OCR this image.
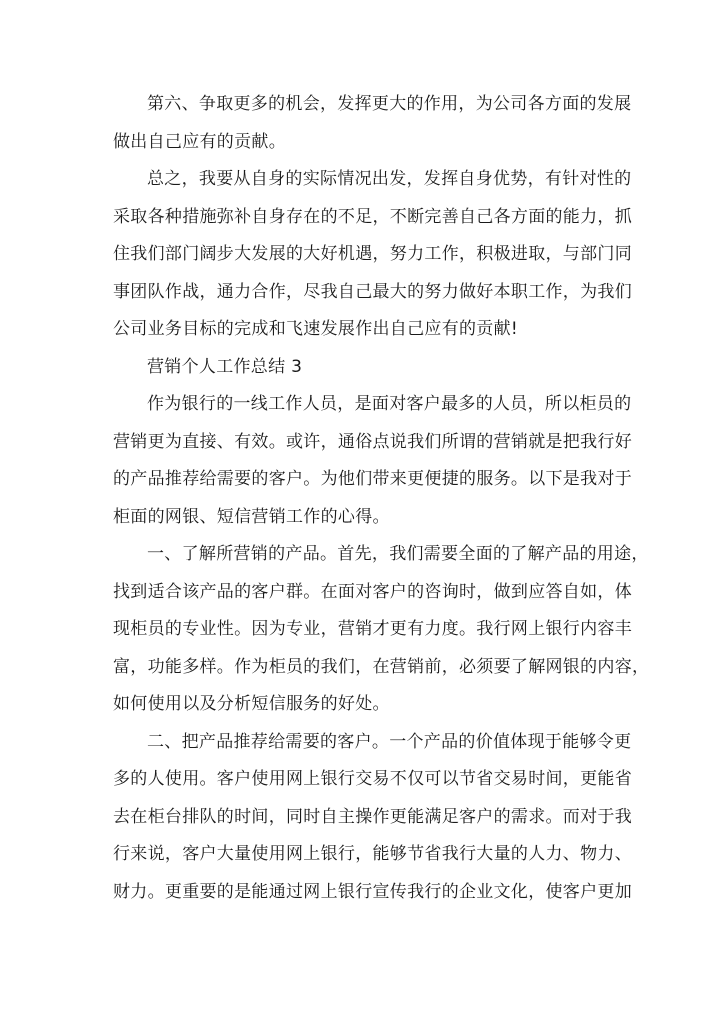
第六、争取更多的机会，发挥更大的作用，为公司各方面的发展
做出自己应有的贡献。

总之，我要从自身的实际情况出发，发挥自身优势，有针对性的
采取各种措施弥补自身存在的不足，不断完善自己各方面的能力，抓
住我们部门阔步大发展的大好机遇，努力工作，积极进取，与部门同
事团队作战，通力合作，尽我自己最大的努力做好本职工作，为我们
公司业务目标的完成和飞速发展作出自己应有的贡献!

营销个人工作总结 3

作为银行的一线工作人员，是面对客户最多的人员，所以柜员的
营销更为直接、有效。或许，通俗点说我们所谓的营销就是把我行好
的产品推荐给需要的客户。为他们带来更便捷的服务。以下是我对于
柜面的网银、短信营销工作的心得。

一、了解所营销的产品。首先，我们需要全面的了解产品的用途，
找到适合该产品的客户群。在面对客户的咨询时，做到应答自如，体
现柜员的专业性。因为专业，营销才更有力度。我行网上银行内容丰
富，功能多样。作为柜员的我们，在营销前，必须要了解网银的内容，
如何使用以及分析短信服务的好处。

二、把产品推荐给需要的客户。一个产品的价值体现于能够令更
多的人使用。客户使用网上银行交易不仅可以节省交易时间，更能省
去在柜台排队的时间，同时自主操作更能满足客户的需求。而对于我
行来说，客户大量使用网上银行，能够节省我行大量的人力、物力、
财力。更重要的是能通过网上银行宣传我行的企业文化，使客户更加
